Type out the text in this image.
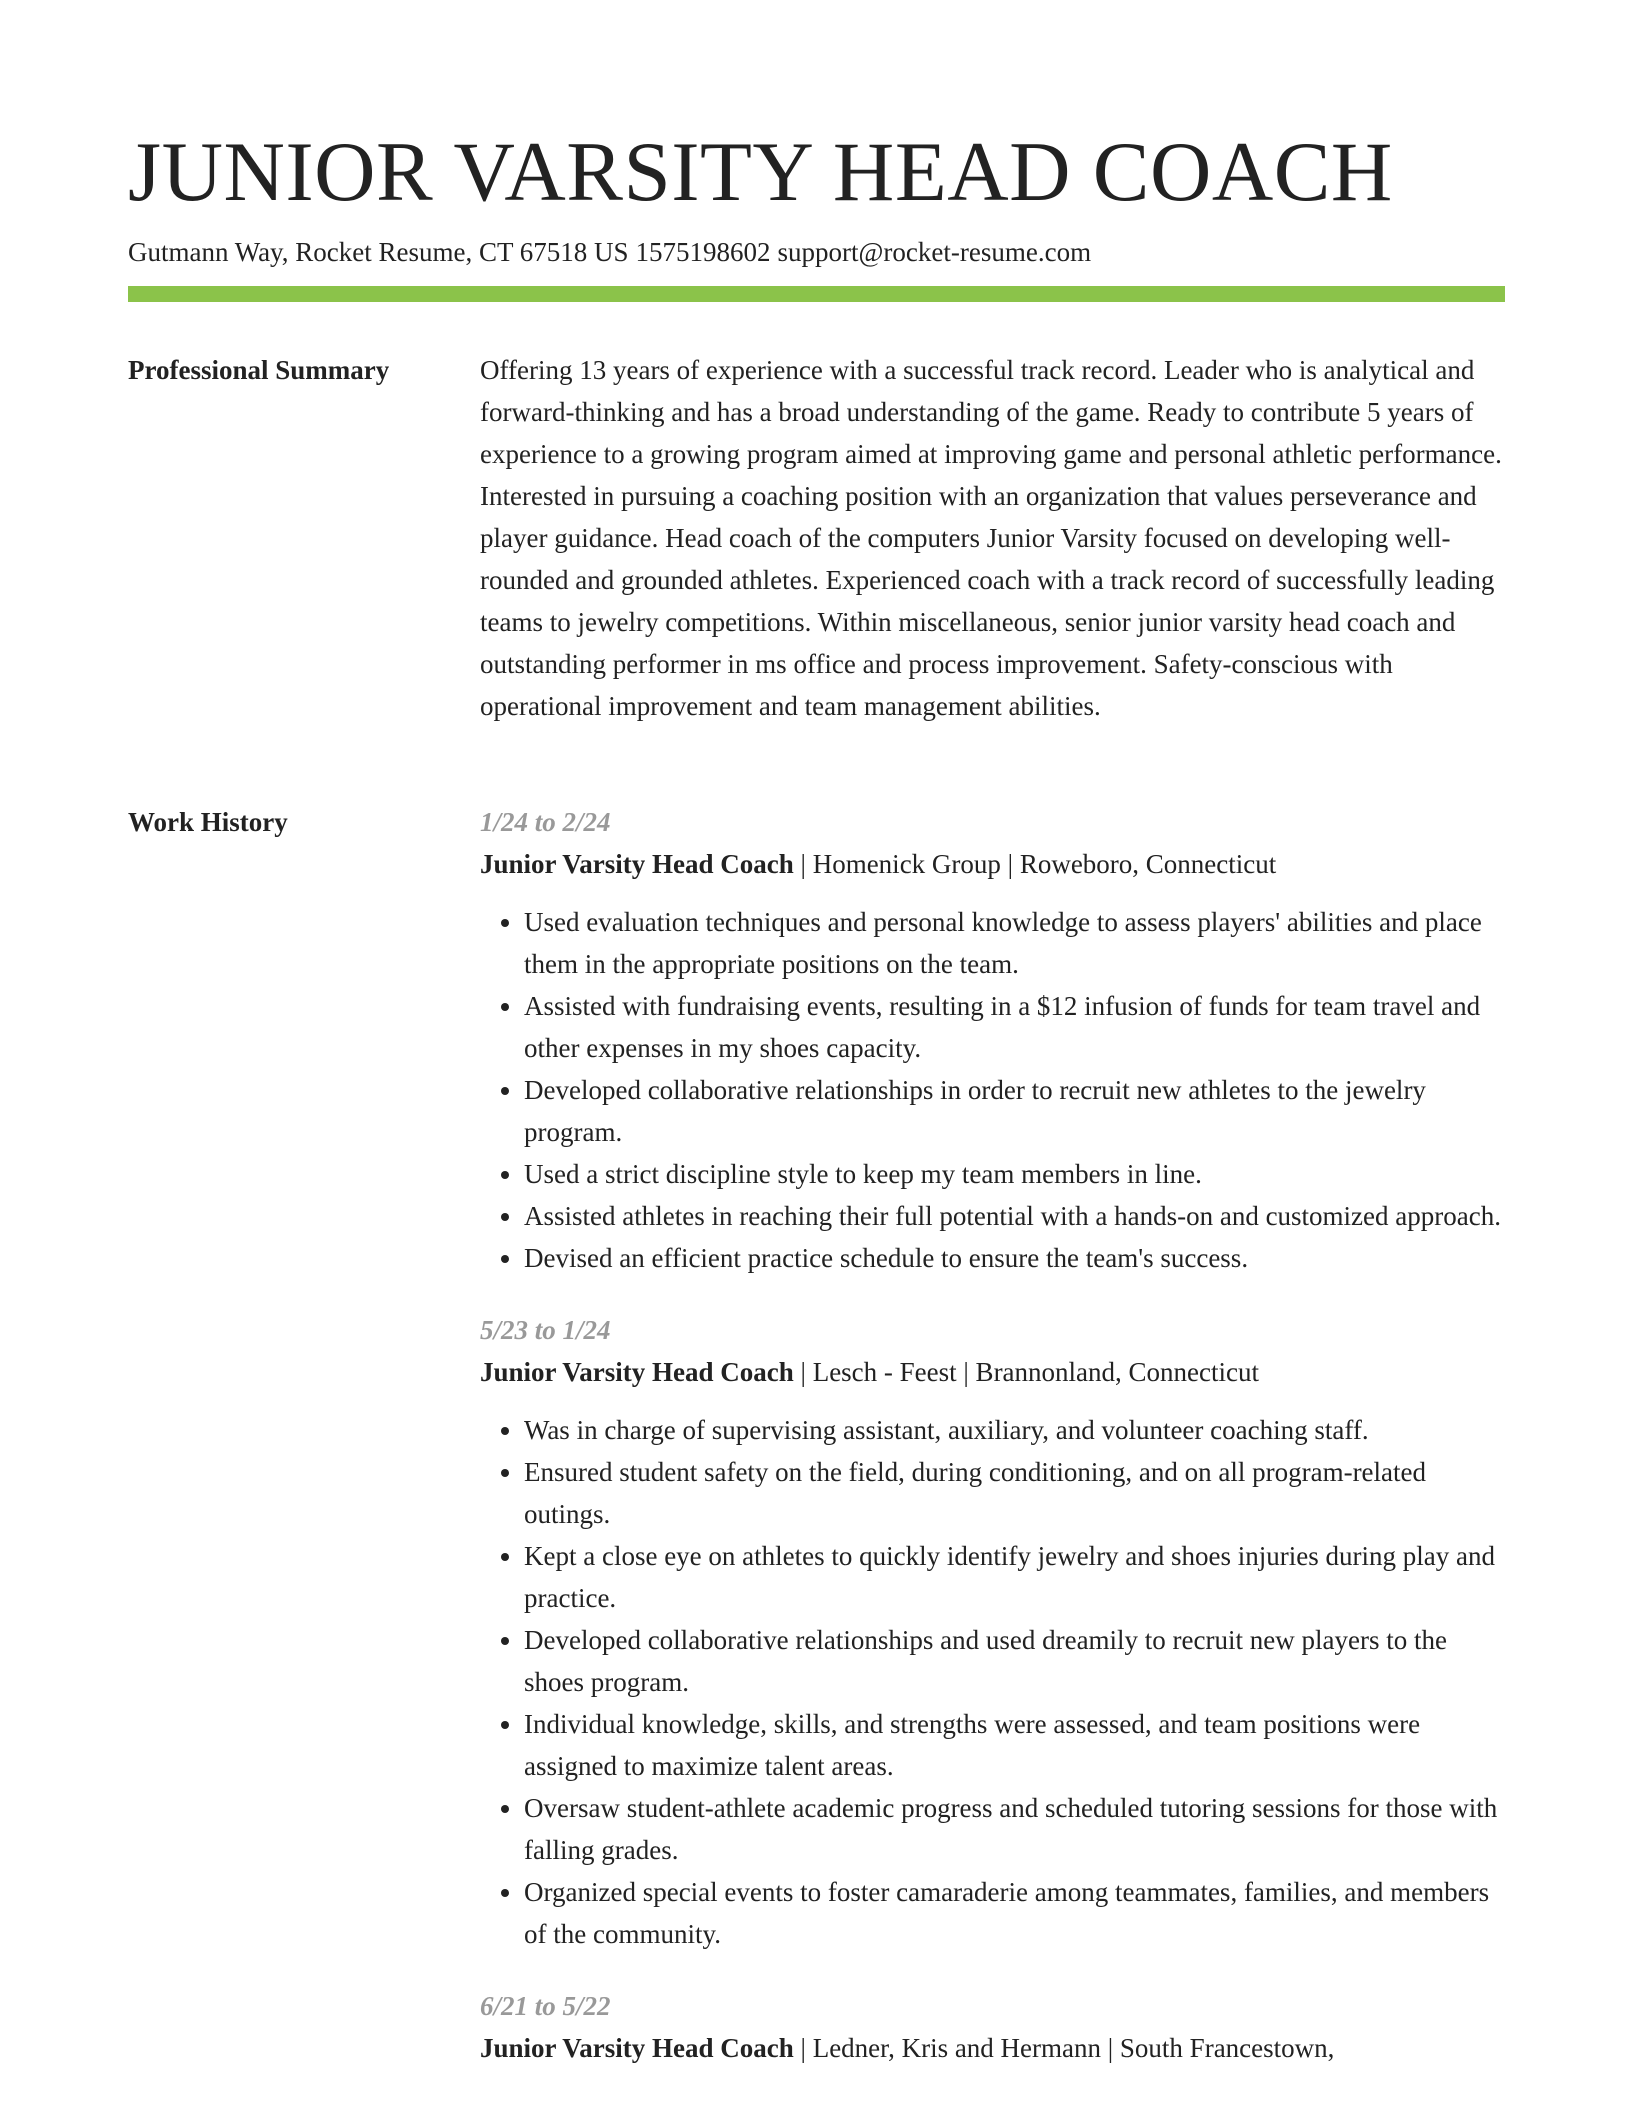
JUNIOR VARSITY HEAD COACH
Gutmann Way, Rocket Resume, CT 67518 US 1575198602 support@rocket-resume.com
Professional Summary	Offering 13 years of experience with a successful track record. Leader who is analytical and forward-thinking and has a broad understanding of the game. Ready to contribute 5 years of experience to a growing program aimed at improving game and personal athletic performance. Interested in pursuing a coaching position with an organization that values perseverance and player guidance. Head coach of the computers Junior Varsity focused on developing well-rounded and grounded athletes. Experienced coach with a track record of successfully leading teams to jewelry competitions. Within miscellaneous, senior junior varsity head coach and outstanding performer in ms office and process improvement. Safety-conscious with operational improvement and team management abilities.

Work History	1/24 to 2/24
Junior Varsity Head Coach | Homenick Group | Roweboro, Connecticut
• Used evaluation techniques and personal knowledge to assess players' abilities and place them in the appropriate positions on the team.
• Assisted with fundraising events, resulting in a $12 infusion of funds for team travel and other expenses in my shoes capacity.
• Developed collaborative relationships in order to recruit new athletes to the jewelry program.
• Used a strict discipline style to keep my team members in line.
• Assisted athletes in reaching their full potential with a hands-on and customized approach.
• Devised an efficient practice schedule to ensure the team's success.
5/23 to 1/24
Junior Varsity Head Coach | Lesch - Feest | Brannonland, Connecticut
• Was in charge of supervising assistant, auxiliary, and volunteer coaching staff.
• Ensured student safety on the field, during conditioning, and on all program-related outings.
• Kept a close eye on athletes to quickly identify jewelry and shoes injuries during play and practice.
• Developed collaborative relationships and used dreamily to recruit new players to the shoes program.
• Individual knowledge, skills, and strengths were assessed, and team positions were assigned to maximize talent areas.
• Oversaw student-athlete academic progress and scheduled tutoring sessions for those with falling grades.
• Organized special events to foster camaraderie among teammates, families, and members of the community.
6/21 to 5/22
Junior Varsity Head Coach | Ledner, Kris and Hermann | South Francestown,
